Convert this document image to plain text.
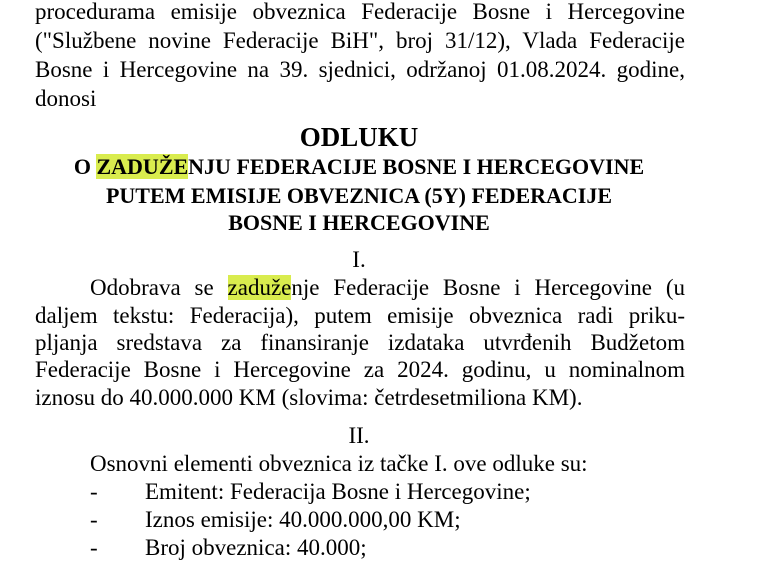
procedurama emisije obveznica Federacije Bosne i Hercegovine
("Službene novine Federacije BiH", broj 31/12), Vlada Federacije
Bosne i Hercegovine na 39. sjednici, održanoj 01.08.2024. godine,
donosi
ODLUKU
O ZADUŽENJU FEDERACIJE BOSNE I HERCEGOVINE
PUTEM EMISIJE OBVEZNICA (5Y) FEDERACIJE
BOSNE I HERCEGOVINE
I.
Odobrava se zaduženje Federacije Bosne i Hercegovine (u
daljem tekstu: Federacija), putem emisije obveznica radi priku-
pljanja sredstava za finansiranje izdataka utvrđenih Budžetom
Federacije Bosne i Hercegovine za 2024. godinu, u nominalnom
iznosu do 40.000.000 KM (slovima: četrdesetmiliona KM).
II.
Osnovni elementi obveznica iz tačke I. ove odluke su:
- Emitent: Federacija Bosne i Hercegovine;
- Iznos emisije: 40.000.000,00 KM;
- Broj obveznica: 40.000;
